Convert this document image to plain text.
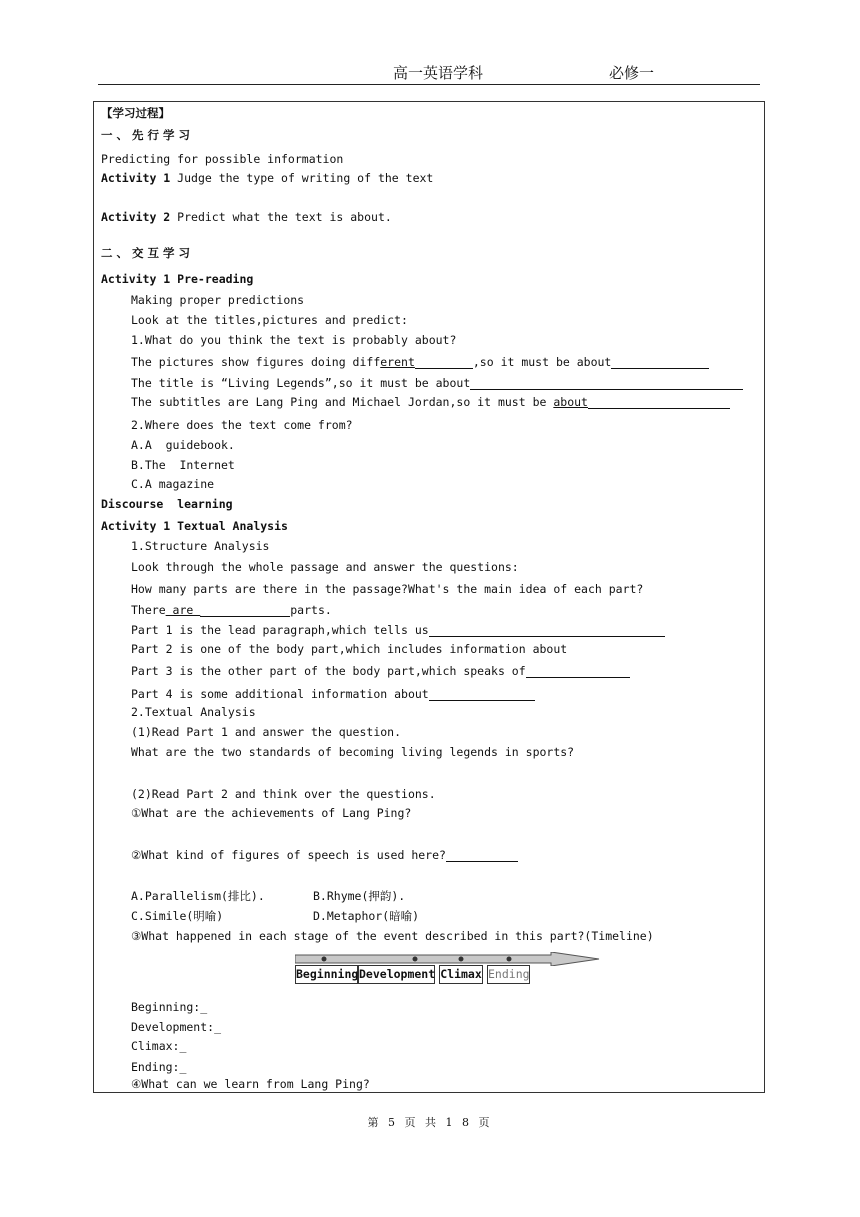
高一英语学科	必修一
【学习过程】
一、先行学习
Predicting for possible information
Activity 1 Judge the type of writing of the text
Activity 2 Predict what the text is about.
二、交互学习
Activity 1 Pre-reading
Making proper predictions
Look at the titles,pictures and predict:
1.What do you think the text is probably about?
The pictures show figures doing different	,so it must be about
The title is “Living Legends”,so it must be about
The subtitles are Lang Ping and Michael Jordan,so it must be about
2.Where does the text come from?
A.A  guidebook.
B.The  Internet
C.A magazine
Discourse  learning
Activity 1 Textual Analysis
1.Structure Analysis
Look through the whole passage and answer the questions:
How many parts are there in the passage?What's the main idea of each part?
There are	parts.
Part 1 is the lead paragraph,which tells us
Part 2 is one of the body part,which includes information about
Part 3 is the other part of the body part,which speaks of
Part 4 is some additional information about
2.Textual Analysis
(1)Read Part 1 and answer the question.
What are the two standards of becoming living legends in sports?
(2)Read Part 2 and think over the questions.
①What are the achievements of Lang Ping?
②What kind of figures of speech is used here?
A.Parallelism(排比).	B.Rhyme(押韵).
C.Simile(明喻)	D.Metaphor(暗喻)
③What happened in each stage of the event described in this part?(Timeline)
Beginning Development Climax Ending
Beginning:_
Development:_
Climax:_
Ending:_
④What can we learn from Lang Ping?
第 5 页 共 1 8 页
